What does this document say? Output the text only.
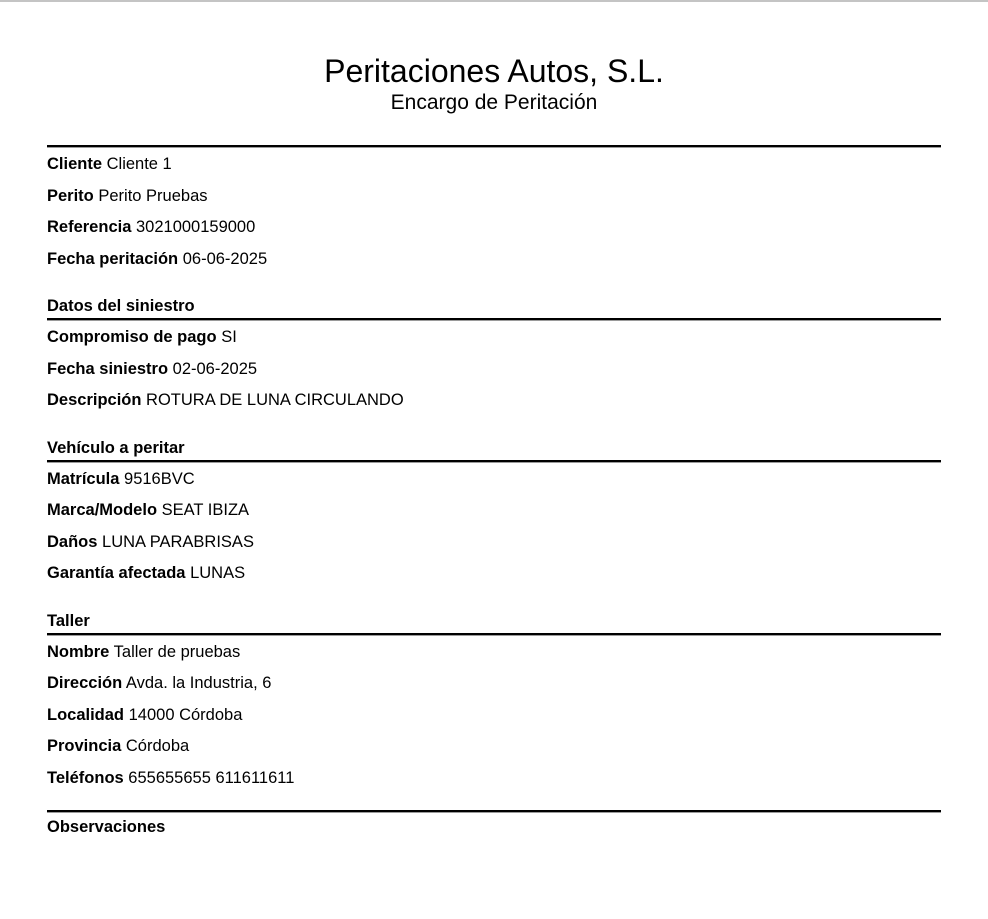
Peritaciones Autos, S.L.
Encargo de Peritación
Cliente Cliente 1
Perito Perito Pruebas
Referencia 3021000159000
Fecha peritación 06-06-2025
Datos del siniestro
Compromiso de pago SI
Fecha siniestro 02-06-2025
Descripción ROTURA DE LUNA CIRCULANDO
Vehículo a peritar
Matrícula 9516BVC
Marca/Modelo SEAT IBIZA
Daños LUNA PARABRISAS
Garantía afectada LUNAS
Taller
Nombre Taller de pruebas
Dirección Avda. la Industria, 6
Localidad 14000 Córdoba
Provincia Córdoba
Teléfonos 655655655 611611611
Observaciones
